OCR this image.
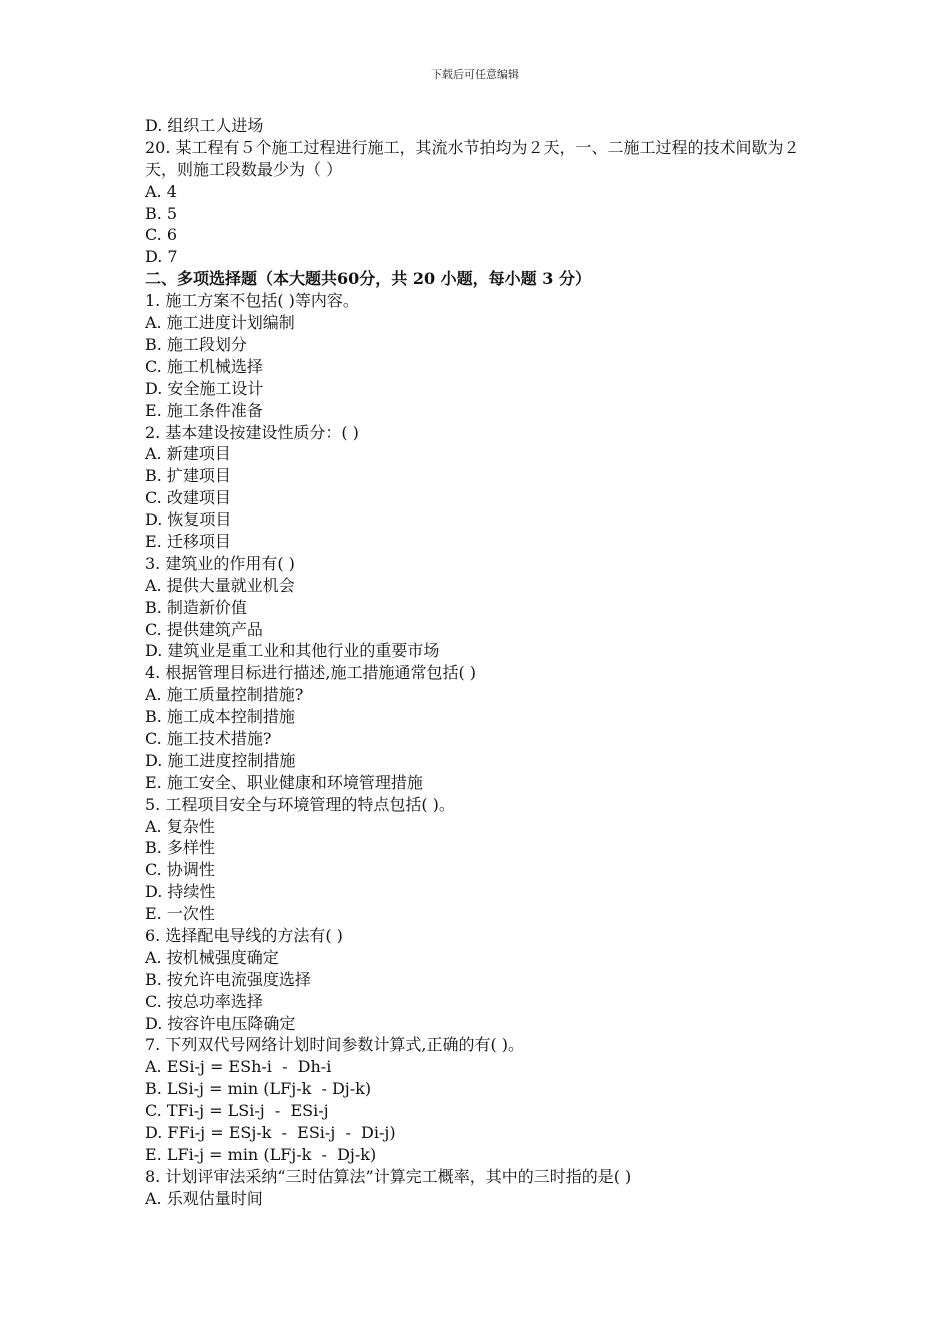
下载后可任意编辑
D. 组织工人进场
20. 某工程有５个施工过程进行施工，其流水节拍均为２天，一、二施工过程的技术间歇为２天，则施工段数最少为（ ）
A. 4
B. 5
C. 6
D. 7
二、多项选择题（本大题共60分，共 20 小题，每小题 3 分）
1. 施工方案不包括( )等内容。
A. 施工进度计划编制
B. 施工段划分
C. 施工机械选择
D. 安全施工设计
E. 施工条件准备
2. 基本建设按建设性质分：( )
A. 新建项目
B. 扩建项目
C. 改建项目
D. 恢复项目
E. 迁移项目
3. 建筑业的作用有( )
A. 提供大量就业机会
B. 制造新价值
C. 提供建筑产品
D. 建筑业是重工业和其他行业的重要市场
4. 根据管理目标进行描述,施工措施通常包括( )
A. 施工质量控制措施?
B. 施工成本控制措施
C. 施工技术措施?
D. 施工进度控制措施
E. 施工安全、职业健康和环境管理措施
5. 工程项目安全与环境管理的特点包括( )。
A. 复杂性
B. 多样性
C. 协调性
D. 持续性
E. 一次性
6. 选择配电导线的方法有( )
A. 按机械强度确定
B. 按允许电流强度选择
C. 按总功率选择
D. 按容许电压降确定
7. 下列双代号网络计划时间参数计算式,正确的有( )。
A. ESi-j = ESh-i  -  Dh-i
B. LSi-j = min (LFj-k  - Dj-k)
C. TFi-j = LSi-j  -  ESi-j
D. FFi-j = ESj-k  -  ESi-j  -  Di-j)
E. LFi-j = min (LFj-k  -  Dj-k)
8. 计划评审法采纳“三时估算法”计算完工概率，其中的三时指的是( )
A. 乐观估量时间
